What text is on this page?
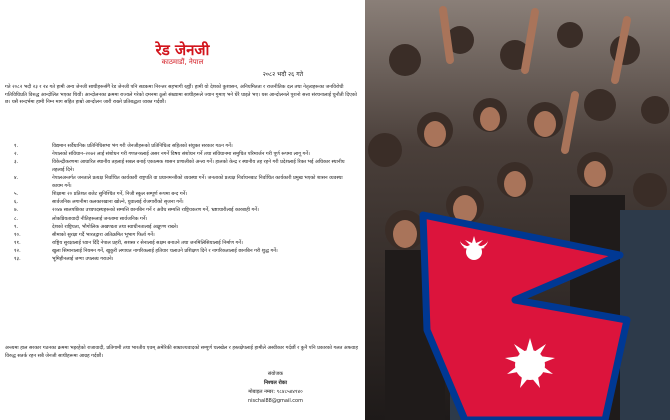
रेड जेनजी
काठमाडौं, नेपाल
२०८२ भदौ २६ गते

गते २०८२ भदौ २३ र २४ गते हामी अन्य जेनजी साथीहरूसँगै रेड जेनजी पनि सडकमा निरन्तर सहभागी रह्यौं। हामी यो देशको कुशासन, अनियमितता र राजनीतिक दल तथा नेतृत्वहरूका जनविरोधी गतिविधिप्रति विरुद्ध आन्दोलित भएका थियौं। आन्दोलनका क्रममा राज्यले गरेको दमनमा ठूलो संख्यामा साथीहरूले ज्यान गुमाए भने धेरै घाइते भए। यस आन्दोलनले पुरानो सत्ता संरचनालाई चुनौती दिएको छ। यसै सन्दर्भमा हामी निम्न माग सहित हाम्रो आन्दोलन जारी राख्ने प्रतिबद्धता व्यक्त गर्दछौं।

१.	विद्यमान सर्वैधानिक प्रतिनिधिसभा भंग गरी जेनजीहरूको प्रतिनिधित्व सहितको संयुक्त सरकार गठन गर्ने।
२.	नेपालको संविधान–२०७२ लाई संशोधन गरी गणतन्त्रलाई असर नगर्ने विषय संशोधन गर्ने तथा संविधानमा समुचित परिमार्जन गरी पूर्ण रूपमा लागू गर्ने।
३.	विकेन्द्रीकरणमा आधारित स्थानीय तहलाई सबल बनाई एकात्मक शासन प्रणालीको अन्त्य गर्ने। हालको केन्द्र र स्थानीय तह रहने गरी प्रदेशलाई रिक्त भई अधिकार स्थानीय तहलाई दिने।
४.	नेपालअन्तर्गत जनताले प्रत्यक्ष निर्वाचित कार्यकारी राष्ट्रपति वा प्रधानमन्त्रीको व्यवस्था गर्ने। जनताको प्रत्यक्ष निर्वाचनबाट निर्वाचित कार्यकारी प्रमुख भएको शासन व्यवस्था कायम गर्ने।
५.	शिक्षामा २० प्रतिशत बजेट सुनिश्चित गर्ने, निजी स्कूल सम्पूर्ण रूपमा बन्द गर्ने।
६.	सार्वजनिक लगानीमा कलकारखाना खोल्ने, युवालाई रोजगारीको सृजना गर्ने।
७.	२०४७ सालपछिका उच्चपदस्थहरूको सम्पत्ति छानबिन गर्ने र अवैध सम्पत्ति राष्ट्रियकरण गर्ने, भ्रष्टाचारीलाई कारबाही गर्ने।
८.	लोकप्रियतावादी नीतिहरूलाई जनतामा सार्वजनिक गर्ने।
९.	देशको राष्ट्रियता, भौगोलिक अखण्डता तथा स्वाधीनतालाई अक्षुण्ण राख्ने।
१०.	सीमाको सुरक्षा गर्दै भारतद्वारा अतिक्रमित भूभाग फिर्ता गर्ने।
११.	राष्ट्रिय सुरक्षालाई ध्यान दिँदै नेपाल प्रहरी, सशस्त्र र सेनालाई सक्षम बनाउने तथा जनमिलिसियालाई निर्माण गर्ने।
१२.	खुला सिमानालाई नियमन गर्ने, खुकुरी लगायत नागरिकलाई हतियार चलाउने प्रशिक्षण दिने र नागरिकतालाई छानबिन गरी शुद्ध गर्ने।
१३.	भूमिहीनलाई जग्गा उपलब्ध गराउने।

अन्त्यमा हाल सरकार गठनका क्रममा भइरहेको राजावादी, प्रतिगामी तथा भारतीय एवम् अमेरिकी साम्राज्यवादको सम्पूर्ण चलखेल र हस्तक्षेपलाई हामीले अस्वीकार गर्दछौं र कुनै पनि प्रकारको गलत अफवाह विरुद्ध सतर्क रहन सबै जेनजी साथीहरूमा आग्रह गर्दछौं।

संयोजक
निश्चल रोका
मोबाइल नम्बर: ९८४८५४४९४०
nischal88@gmail.com
